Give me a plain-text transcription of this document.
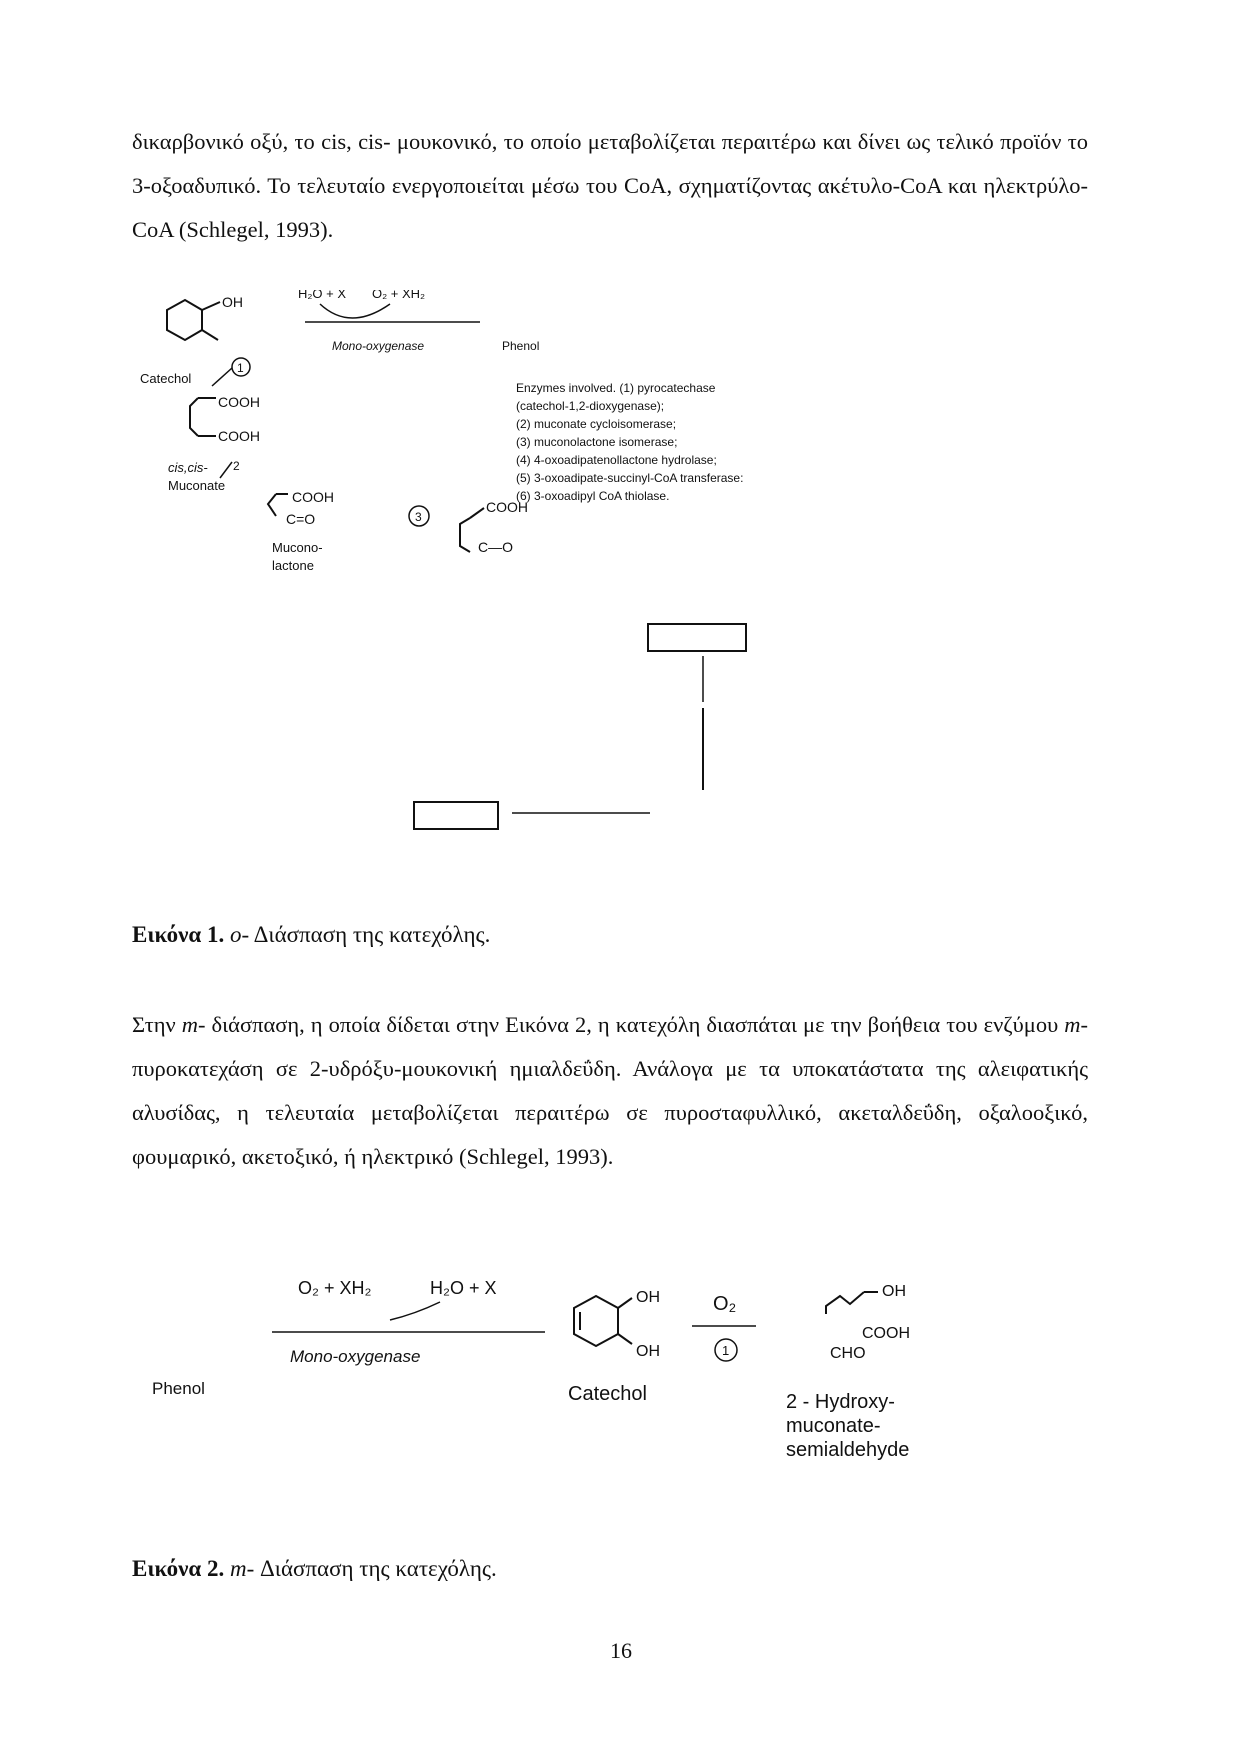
δικαρβονικό οξύ, το cis, cis- μουκονικό, το οποίο μεταβολίζεται περαιτέρω και δίνει ως τελικό προϊόν το 3-οξοαδυπικό. Το τελευταίο ενεργοποιείται μέσω του CoA, σχηματίζοντας ακέτυλο-CoA και ηλεκτρύλο-CoA (Schlegel, 1993).

OH
Catechol
1
H₂O + X O₂ + XH₂
Mono-oxygenase	Phenol
COOH
COOH
cis,cis-
Muconate
2
COOH
C=O
Mucono-
lactone
3
COOH
C—O
Enzymes involved. (1) pyrocatechase
(catechol-1,2-dioxygenase);
(2) muconate cycloisomerase;
(3) muconolactone isomerase;
(4) 4-oxoadipatenollactone hydrolase;
(5) 3-oxoadipate-succinyl-CoA transferase:
(6) 3-oxoadipyl CoA thiolase.

Εικόνα 1. ο- Διάσπαση της κατεχόλης.

Στην m- διάσπαση, η οποία δίδεται στην Εικόνα 2, η κατεχόλη διασπάται με την βοήθεια του ενζύμου m-πυροκατεχάση σε 2-υδρόξυ-μουκονική ημιαλδεΰδη. Ανάλογα με τα υποκατάστατα της αλειφατικής αλυσίδας, η τελευταία μεταβολίζεται περαιτέρω σε πυροσταφυλλικό, ακεταλδεΰδη, οξαλοοξικό, φουμαρικό, ακετοξικό, ή ηλεκτρικό (Schlegel, 1993).

O₂ + XH₂	H₂O + X
Mono-oxygenase
Phenol
OH
OH
Catechol
O₂
1
OH
COOH
CHO
2 - Hydroxy-
muconate-
semialdehyde

Εικόνα 2. m- Διάσπαση της κατεχόλης.

16
